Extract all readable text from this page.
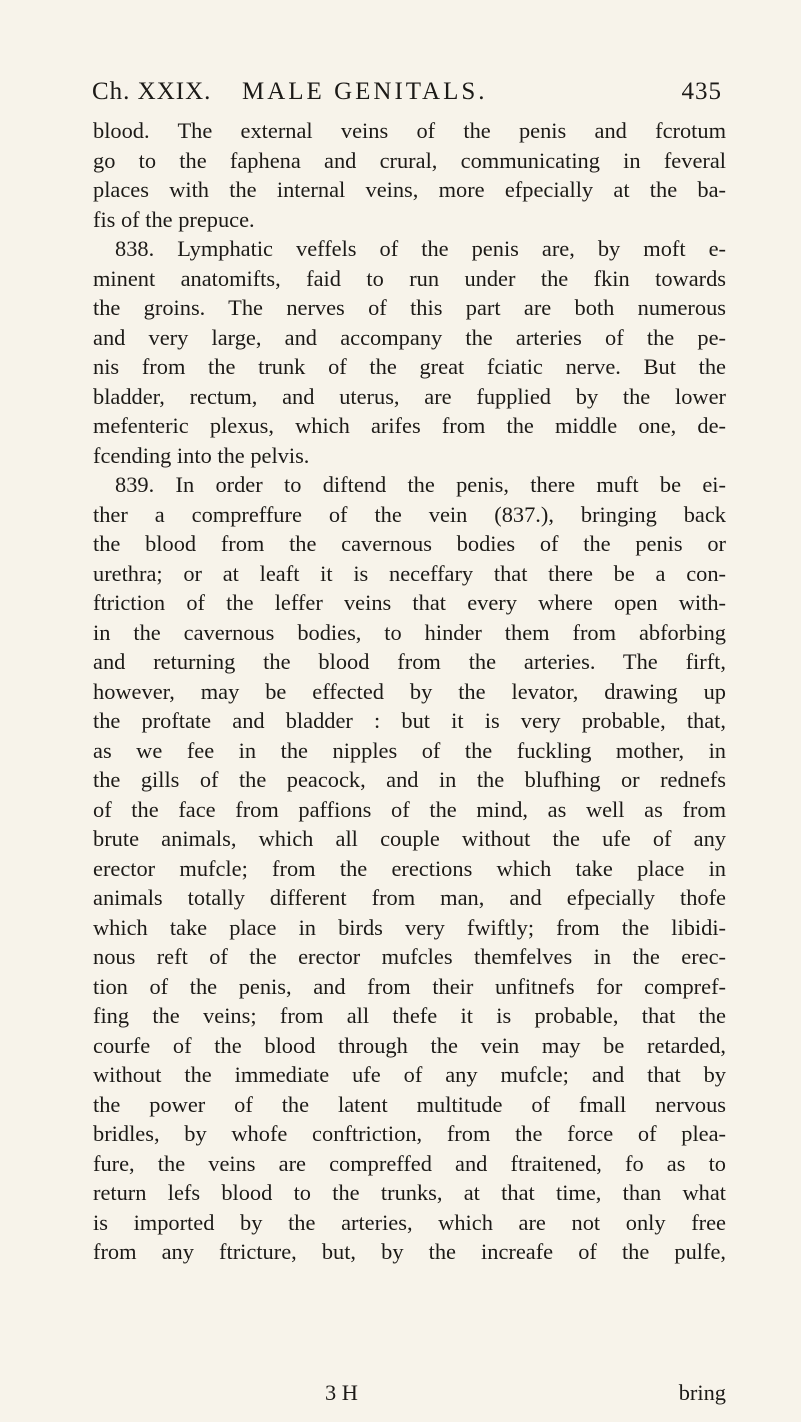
Ch. XXIX. MALE GENITALS.	435
blood. The external veins of the penis and fcrotum
go to the faphena and crural, communicating in feveral
places with the internal veins, more efpecially at the ba-
fis of the prepuce.
838. Lymphatic veffels of the penis are, by moft e-
minent anatomifts, faid to run under the fkin towards
the groins. The nerves of this part are both numerous
and very large, and accompany the arteries of the pe-
nis from the trunk of the great fciatic nerve. But the
bladder, rectum, and uterus, are fupplied by the lower
mefenteric plexus, which arifes from the middle one, de-
fcending into the pelvis.
839. In order to diftend the penis, there muft be ei-
ther a compreffure of the vein (837.), bringing back
the blood from the cavernous bodies of the penis or
urethra; or at leaft it is neceffary that there be a con-
ftriction of the leffer veins that every where open with-
in the cavernous bodies, to hinder them from abforbing
and returning the blood from the arteries. The firft,
however, may be effected by the levator, drawing up
the proftate and bladder : but it is very probable, that,
as we fee in the nipples of the fuckling mother, in
the gills of the peacock, and in the blufhing or rednefs
of the face from paffions of the mind, as well as from
brute animals, which all couple without the ufe of any
erector mufcle; from the erections which take place in
animals totally different from man, and efpecially thofe
which take place in birds very fwiftly; from the libidi-
nous reft of the erector mufcles themfelves in the erec-
tion of the penis, and from their unfitnefs for compref-
fing the veins; from all thefe it is probable, that the
courfe of the blood through the vein may be retarded,
without the immediate ufe of any mufcle; and that by
the power of the latent multitude of fmall nervous
bridles, by whofe conftriction, from the force of plea-
fure, the veins are compreffed and ftraitened, fo as to
return lefs blood to the trunks, at that time, than what
is imported by the arteries, which are not only free
from any ftricture, but, by the increafe of the pulfe,
3 H	bring
